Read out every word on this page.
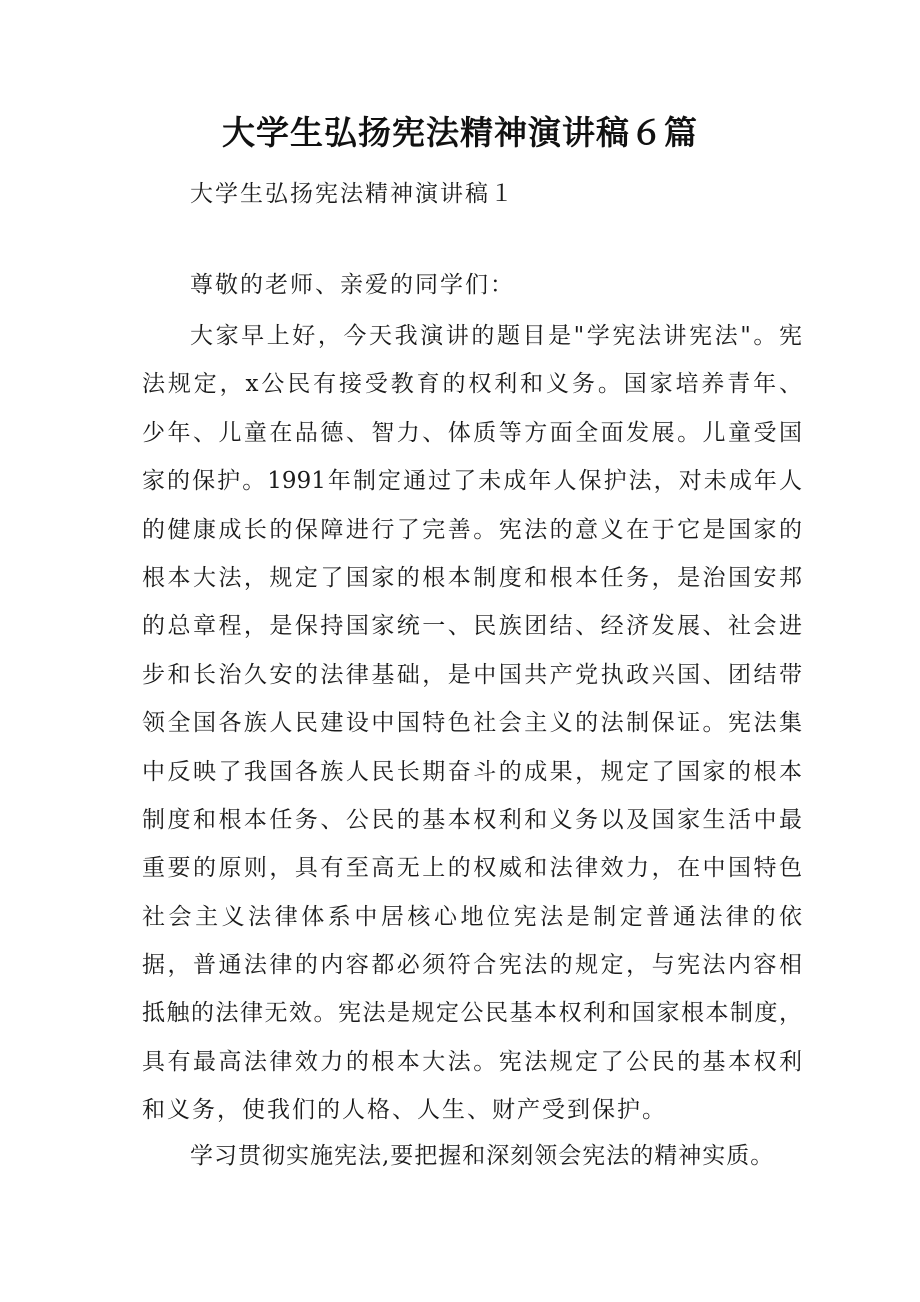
大学生弘扬宪法精神演讲稿６篇
大学生弘扬宪法精神演讲稿１
尊敬的老师、亲爱的同学们：
大家早上好，今天我演讲的题目是"学宪法讲宪法"。宪
法规定，x公民有接受教育的权利和义务。国家培养青年、
少年、儿童在品德、智力、体质等方面全面发展。儿童受国
家的保护。1991年制定通过了未成年人保护法，对未成年人
的健康成长的保障进行了完善。宪法的意义在于它是国家的
根本大法，规定了国家的根本制度和根本任务，是治国安邦
的总章程，是保持国家统一、民族团结、经济发展、社会进
步和长治久安的法律基础，是中国共产党执政兴国、团结带
领全国各族人民建设中国特色社会主义的法制保证。宪法集
中反映了我国各族人民长期奋斗的成果，规定了国家的根本
制度和根本任务、公民的基本权利和义务以及国家生活中最
重要的原则，具有至高无上的权威和法律效力，在中国特色
社会主义法律体系中居核心地位宪法是制定普通法律的依
据，普通法律的内容都必须符合宪法的规定，与宪法内容相
抵触的法律无效。宪法是规定公民基本权利和国家根本制度，
具有最高法律效力的根本大法。宪法规定了公民的基本权利
和义务，使我们的人格、人生、财产受到保护。
学习贯彻实施宪法,要把握和深刻领会宪法的精神实质。
